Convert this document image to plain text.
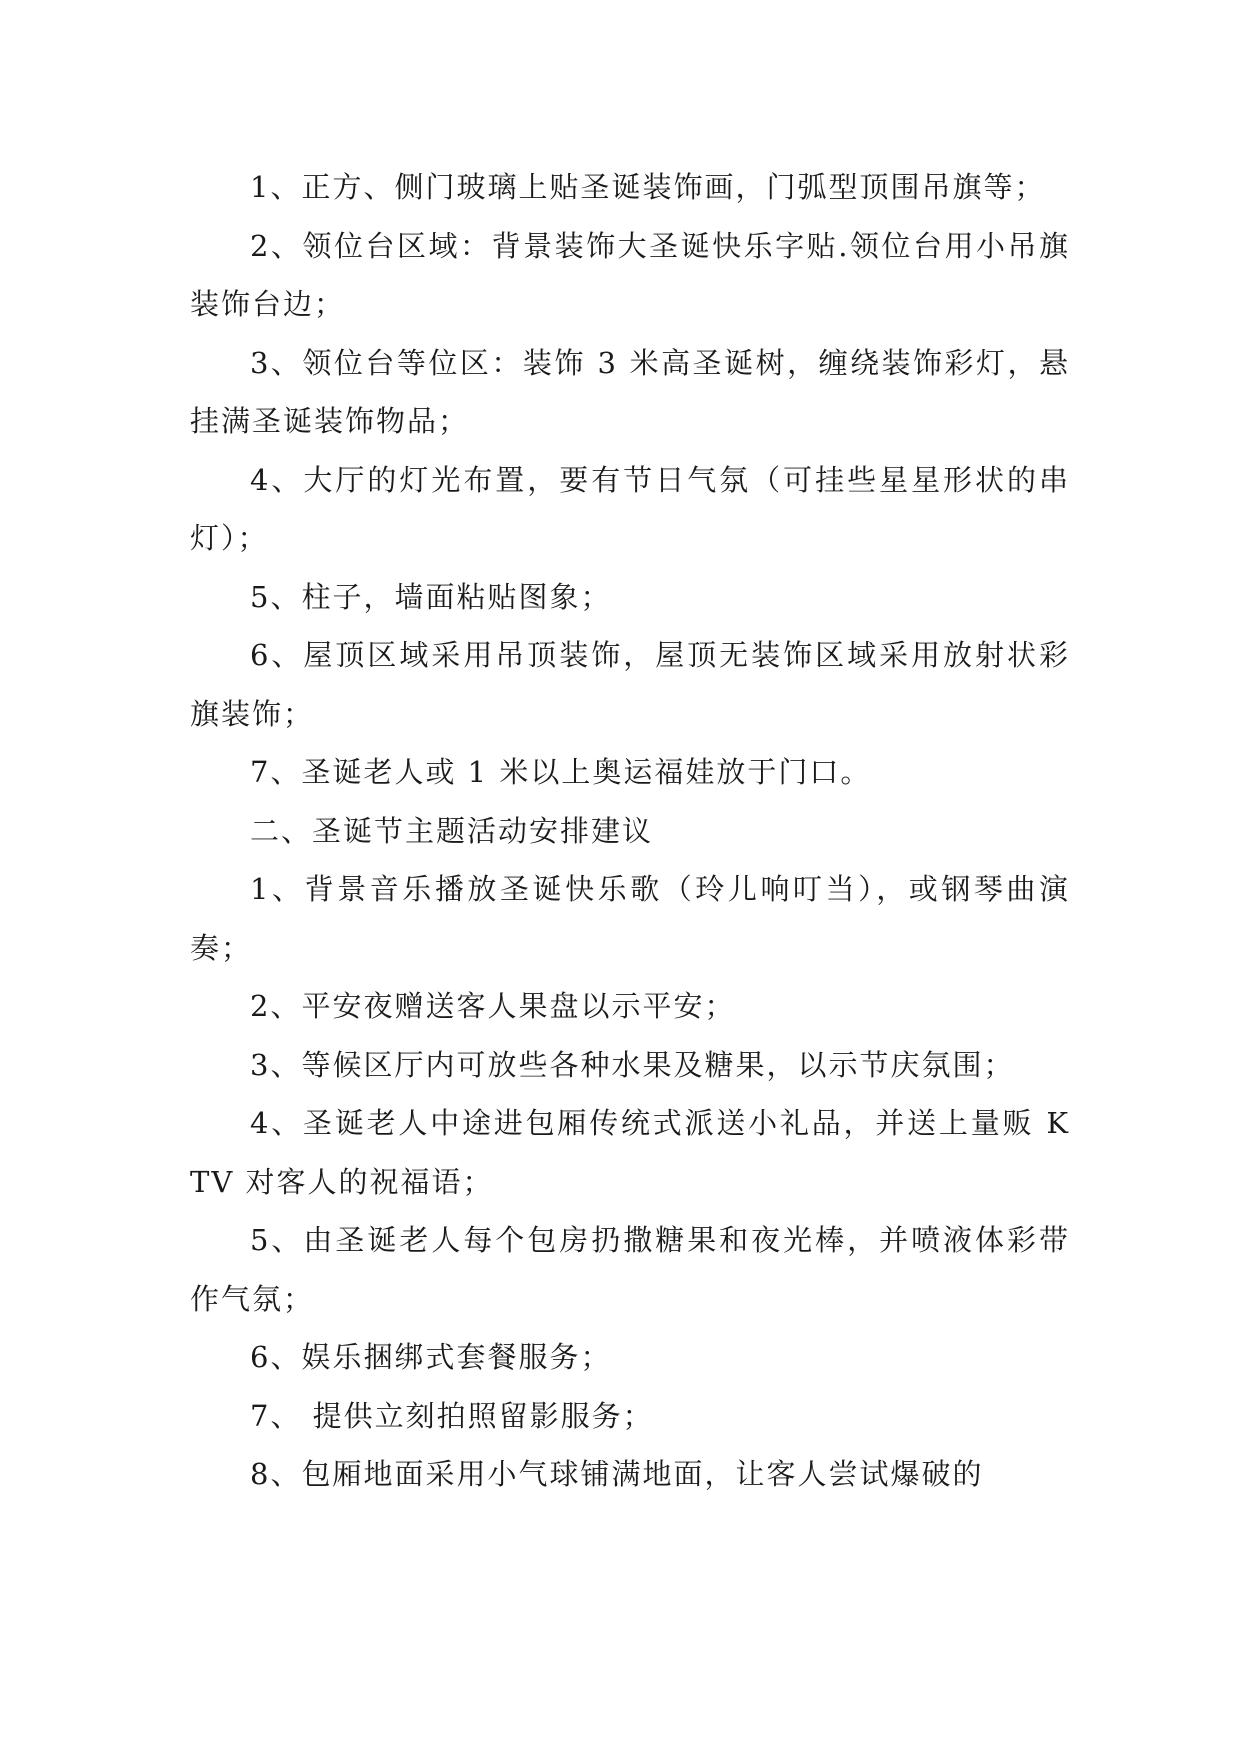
1、正方、侧门玻璃上贴圣诞装饰画，门弧型顶围吊旗等；

2、领位台区域：背景装饰大圣诞快乐字贴.领位台用小吊旗装饰台边；

3、领位台等位区：装饰 3 米高圣诞树，缠绕装饰彩灯，悬挂满圣诞装饰物品；

4、大厅的灯光布置，要有节日气氛（可挂些星星形状的串灯）；

5、柱子，墙面粘贴图象；

6、屋顶区域采用吊顶装饰，屋顶无装饰区域采用放射状彩旗装饰；

7、圣诞老人或 1 米以上奥运福娃放于门口。

二、圣诞节主题活动安排建议

1、背景音乐播放圣诞快乐歌（玲儿响叮当），或钢琴曲演奏；

2、平安夜赠送客人果盘以示平安；

3、等候区厅内可放些各种水果及糖果，以示节庆氛围；

4、圣诞老人中途进包厢传统式派送小礼品，并送上量贩 KTV 对客人的祝福语；

5、由圣诞老人每个包房扔撒糖果和夜光棒，并喷液体彩带作气氛；

6、娱乐捆绑式套餐服务；

7、 提供立刻拍照留影服务；

8、包厢地面采用小气球铺满地面，让客人尝试爆破的
